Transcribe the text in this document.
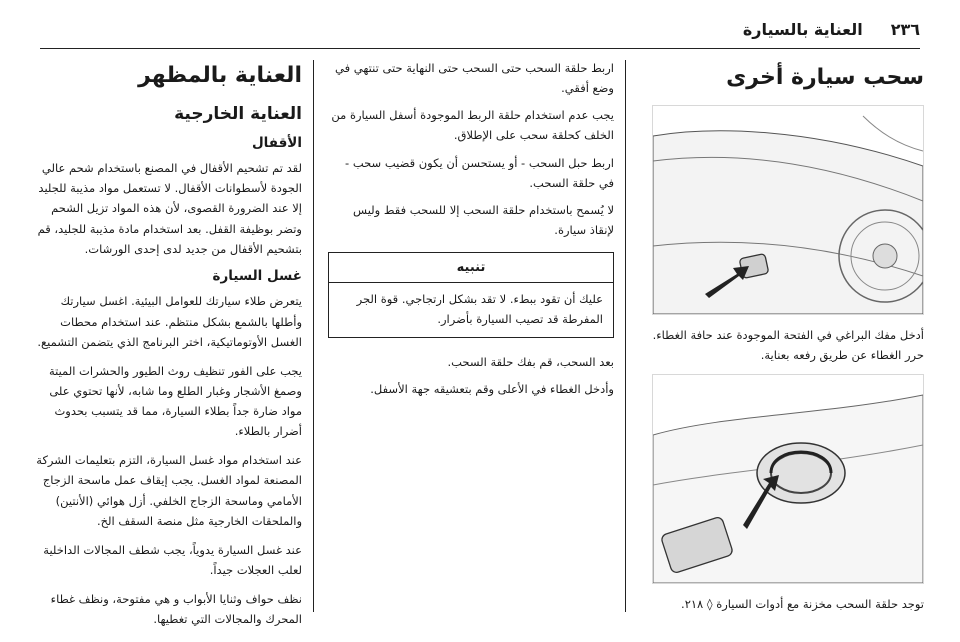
٢٣٦
العناية بالسيارة
سحب سيارة أخرى

أدخل مفك البراغي في الفتحة الموجودة عند حافة الغطاء. حرر الغطاء عن طريق رفعه بعناية.

توجد حلقة السحب مخزنة مع أدوات السيارة ◊ ٢١٨.

اربط حلقة السحب حتى السحب حتى النهاية حتى تنتهي في وضع أفقي.

يجب عدم استخدام حلقة الربط الموجودة أسفل السيارة من الخلف كحلقة سحب على الإطلاق.

اربط حبل السحب - أو يستحسن أن يكون قضيب سحب - في حلقة السحب.

لا يُسمح باستخدام حلقة السحب إلا للسحب فقط وليس لإنقاذ سيارة.

تنبيه
عليك أن تقود ببطء. لا تقد بشكل ارتجاجي. قوة الجر المفرطة قد تصيب السيارة بأضرار.

بعد السحب، قم بفك حلقة السحب.

وأدخل الغطاء في الأعلى وقم بتعشيقه جهة الأسفل.

العناية بالمظهر
العناية الخارجية
الأقفال

لقد تم تشحيم الأقفال في المصنع باستخدام شحم عالي الجودة لأسطوانات الأقفال. لا تستعمل مواد مذيبة للجليد إلا عند الضرورة القصوى، لأن هذه المواد تزيل الشحم وتضر بوظيفة القفل. بعد استخدام مادة مذيبة للجليد، قم بتشحيم الأقفال من جديد لدى إحدى الورشات.

غسل السيارة

يتعرض طلاء سيارتك للعوامل البيئية. اغسل سيارتك وأطلها بالشمع بشكل منتظم. عند استخدام محطات الغسل الأوتوماتيكية، اختر البرنامج الذي يتضمن التشميع.

يجب على الفور تنظيف روث الطيور والحشرات الميتة وصمغ الأشجار وغبار الطلع وما شابه، لأنها تحتوي على مواد ضارة جداً بطلاء السيارة، مما قد يتسبب بحدوث أضرار بالطلاء.

عند استخدام مواد غسل السيارة، التزم بتعليمات الشركة المصنعة لمواد الغسل. يجب إيقاف عمل ماسحة الزجاج الأمامي وماسحة الزجاج الخلفي. أزل هوائي (الأنتين) والملحقات الخارجية مثل منصة السقف الخ.

عند غسل السيارة يدوياً، يجب شطف المجالات الداخلية لعلب العجلات جيداً.

نظف حواف وثنايا الأبواب و هي مفتوحة، ونظف غطاء المحرك والمجالات التي تغطيها.
